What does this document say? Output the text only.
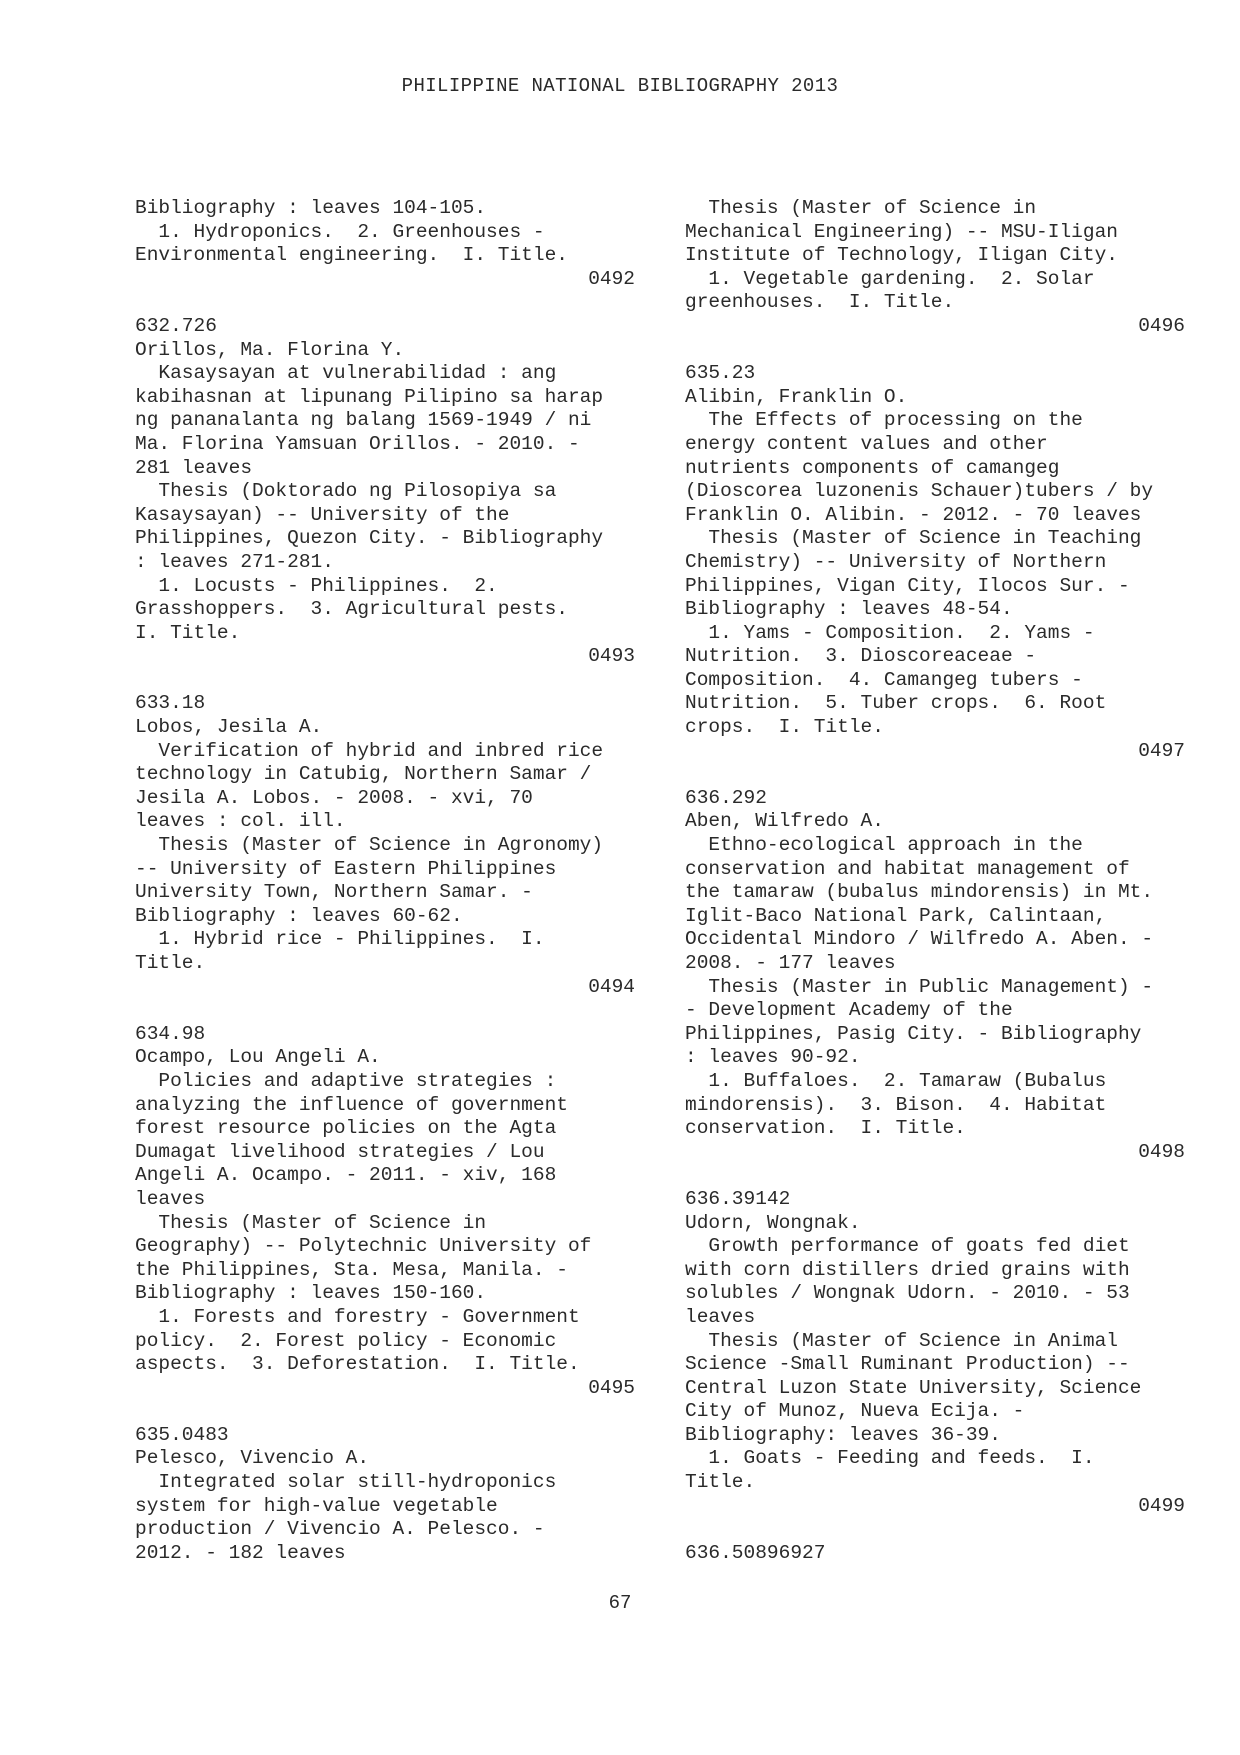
PHILIPPINE NATIONAL BIBLIOGRAPHY 2013
Bibliography : leaves 104-105.
1. Hydroponics.  2. Greenhouses -
Environmental engineering.  I. Title.
0492
632.726
Orillos, Ma. Florina Y.
Kasaysayan at vulnerabilidad : ang
kabihasnan at lipunang Pilipino sa harap
ng pananalanta ng balang 1569-1949 / ni
Ma. Florina Yamsuan Orillos. - 2010. -
281 leaves
Thesis (Doktorado ng Pilosopiya sa
Kasaysayan) -- University of the
Philippines, Quezon City. - Bibliography
: leaves 271-281.
1. Locusts - Philippines.  2.
Grasshoppers.  3. Agricultural pests.
I. Title.
0493
633.18
Lobos, Jesila A.
Verification of hybrid and inbred rice
technology in Catubig, Northern Samar /
Jesila A. Lobos. - 2008. - xvi, 70
leaves : col. ill.
Thesis (Master of Science in Agronomy)
-- University of Eastern Philippines
University Town, Northern Samar. -
Bibliography : leaves 60-62.
1. Hybrid rice - Philippines.  I.
Title.
0494
634.98
Ocampo, Lou Angeli A.
Policies and adaptive strategies :
analyzing the influence of government
forest resource policies on the Agta
Dumagat livelihood strategies / Lou
Angeli A. Ocampo. - 2011. - xiv, 168
leaves
Thesis (Master of Science in
Geography) -- Polytechnic University of
the Philippines, Sta. Mesa, Manila. -
Bibliography : leaves 150-160.
1. Forests and forestry - Government
policy.  2. Forest policy - Economic
aspects.  3. Deforestation.  I. Title.
0495
635.0483
Pelesco, Vivencio A.
Integrated solar still-hydroponics
system for high-value vegetable
production / Vivencio A. Pelesco. -
2012. - 182 leaves
Thesis (Master of Science in
Mechanical Engineering) -- MSU-Iligan
Institute of Technology, Iligan City.
1. Vegetable gardening.  2. Solar
greenhouses.  I. Title.
0496
635.23
Alibin, Franklin O.
The Effects of processing on the
energy content values and other
nutrients components of camangeg
(Dioscorea luzonenis Schauer)tubers / by
Franklin O. Alibin. - 2012. - 70 leaves
Thesis (Master of Science in Teaching
Chemistry) -- University of Northern
Philippines, Vigan City, Ilocos Sur. -
Bibliography : leaves 48-54.
1. Yams - Composition.  2. Yams -
Nutrition.  3. Dioscoreaceae -
Composition.  4. Camangeg tubers -
Nutrition.  5. Tuber crops.  6. Root
crops.  I. Title.
0497
636.292
Aben, Wilfredo A.
Ethno-ecological approach in the
conservation and habitat management of
the tamaraw (bubalus mindorensis) in Mt.
Iglit-Baco National Park, Calintaan,
Occidental Mindoro / Wilfredo A. Aben. -
2008. - 177 leaves
Thesis (Master in Public Management) -
- Development Academy of the
Philippines, Pasig City. - Bibliography
: leaves 90-92.
1. Buffaloes.  2. Tamaraw (Bubalus
mindorensis).  3. Bison.  4. Habitat
conservation.  I. Title.
0498
636.39142
Udorn, Wongnak.
Growth performance of goats fed diet
with corn distillers dried grains with
solubles / Wongnak Udorn. - 2010. - 53
leaves
Thesis (Master of Science in Animal
Science -Small Ruminant Production) --
Central Luzon State University, Science
City of Munoz, Nueva Ecija. -
Bibliography: leaves 36-39.
1. Goats - Feeding and feeds.  I.
Title.
0499
636.50896927
67
